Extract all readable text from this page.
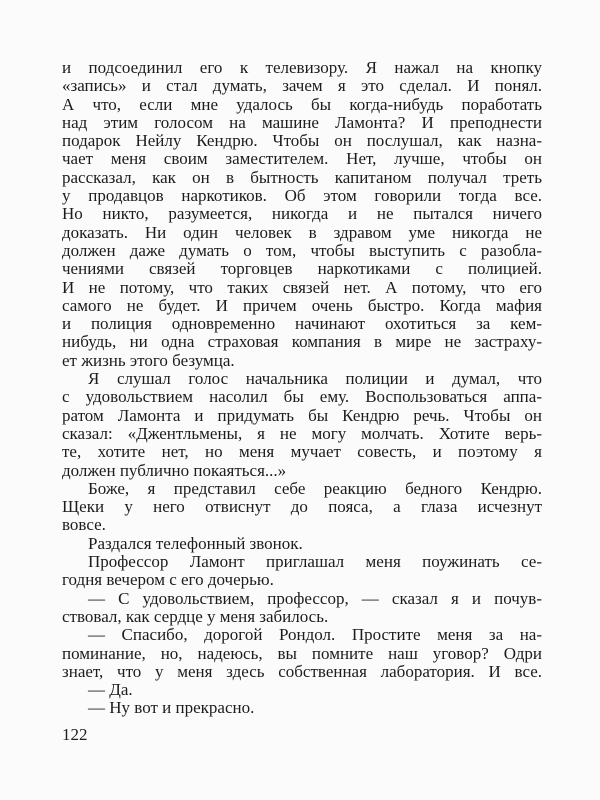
и подсоединил его к телевизору. Я нажал на кнопку
«запись» и стал думать, зачем я это сделал. И понял.
А что, если мне удалось бы когда-нибудь поработать
над этим голосом на машине Ламонта? И преподнести
подарок Нейлу Кендрю. Чтобы он послушал, как назна-
чает меня своим заместителем. Нет, лучше, чтобы он
рассказал, как он в бытность капитаном получал треть
у продавцов наркотиков. Об этом говорили тогда все.
Но никто, разумеется, никогда и не пытался ничего
доказать. Ни один человек в здравом уме никогда не
должен даже думать о том, чтобы выступить с разобла-
чениями связей торговцев наркотиками с полицией.
И не потому, что таких связей нет. А потому, что его
самого не будет. И причем очень быстро. Когда мафия
и полиция одновременно начинают охотиться за кем-
нибудь, ни одна страховая компания в мире не застраху-
ет жизнь этого безумца.
Я слушал голос начальника полиции и думал, что
с удовольствием насолил бы ему. Воспользоваться аппа-
ратом Ламонта и придумать бы Кендрю речь. Чтобы он
сказал: «Джентльмены, я не могу молчать. Хотите верь-
те, хотите нет, но меня мучает совесть, и поэтому я
должен публично покаяться...»
Боже, я представил себе реакцию бедного Кендрю.
Щеки у него отвиснут до пояса, а глаза исчезнут
вовсе.
Раздался телефонный звонок.
Профессор Ламонт приглашал меня поужинать се-
годня вечером с его дочерью.
— С удовольствием, профессор, — сказал я и почув-
ствовал, как сердце у меня забилось.
— Спасибо, дорогой Рондол. Простите меня за на-
поминание, но, надеюсь, вы помните наш уговор? Одри
знает, что у меня здесь собственная лаборатория. И все.
— Да.
— Ну вот и прекрасно.
122
